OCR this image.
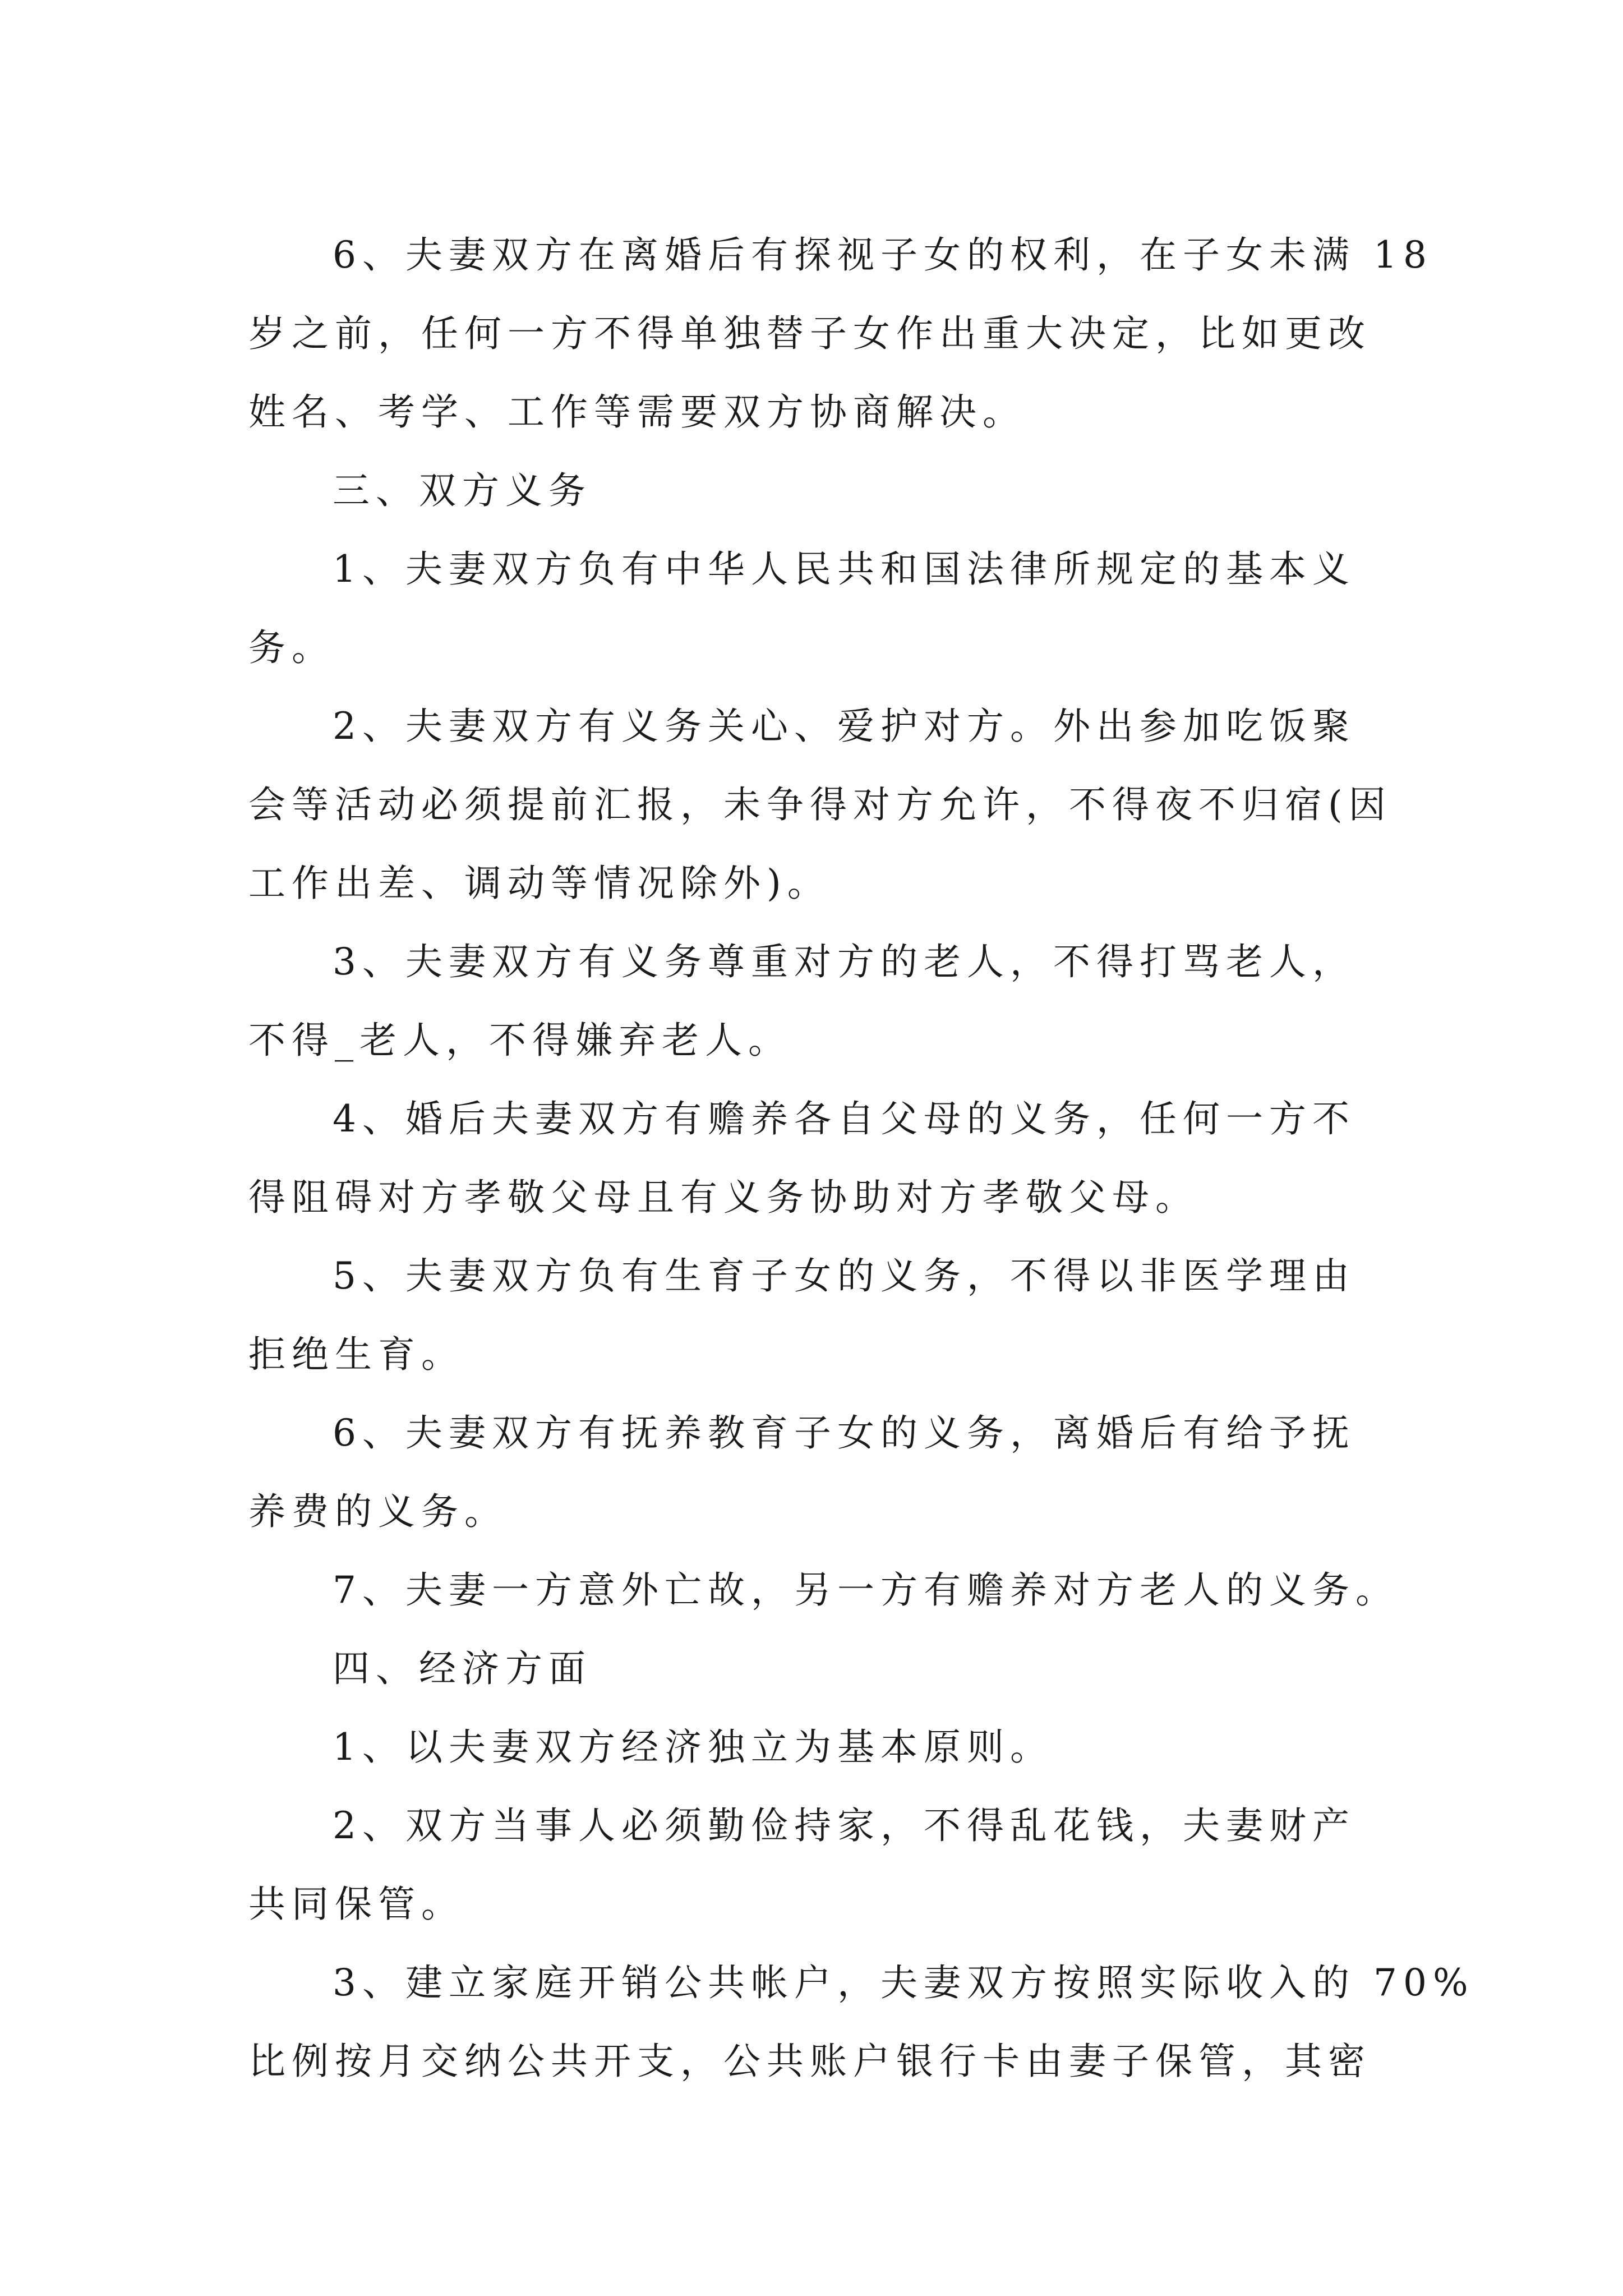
6、夫妻双方在离婚后有探视子女的权利，在子女未满 18
岁之前，任何一方不得单独替子女作出重大决定，比如更改
姓名、考学、工作等需要双方协商解决。
三、双方义务
1、夫妻双方负有中华人民共和国法律所规定的基本义
务。
2、夫妻双方有义务关心、爱护对方。外出参加吃饭聚
会等活动必须提前汇报，未争得对方允许，不得夜不归宿(因
工作出差、调动等情况除外)。
3、夫妻双方有义务尊重对方的老人，不得打骂老人，
不得_老人，不得嫌弃老人。
4、婚后夫妻双方有赡养各自父母的义务，任何一方不
得阻碍对方孝敬父母且有义务协助对方孝敬父母。
5、夫妻双方负有生育子女的义务，不得以非医学理由
拒绝生育。
6、夫妻双方有抚养教育子女的义务，离婚后有给予抚
养费的义务。
7、夫妻一方意外亡故，另一方有赡养对方老人的义务。
四、经济方面
1、以夫妻双方经济独立为基本原则。
2、双方当事人必须勤俭持家，不得乱花钱，夫妻财产
共同保管。
3、建立家庭开销公共帐户，夫妻双方按照实际收入的 70%
比例按月交纳公共开支，公共账户银行卡由妻子保管，其密
